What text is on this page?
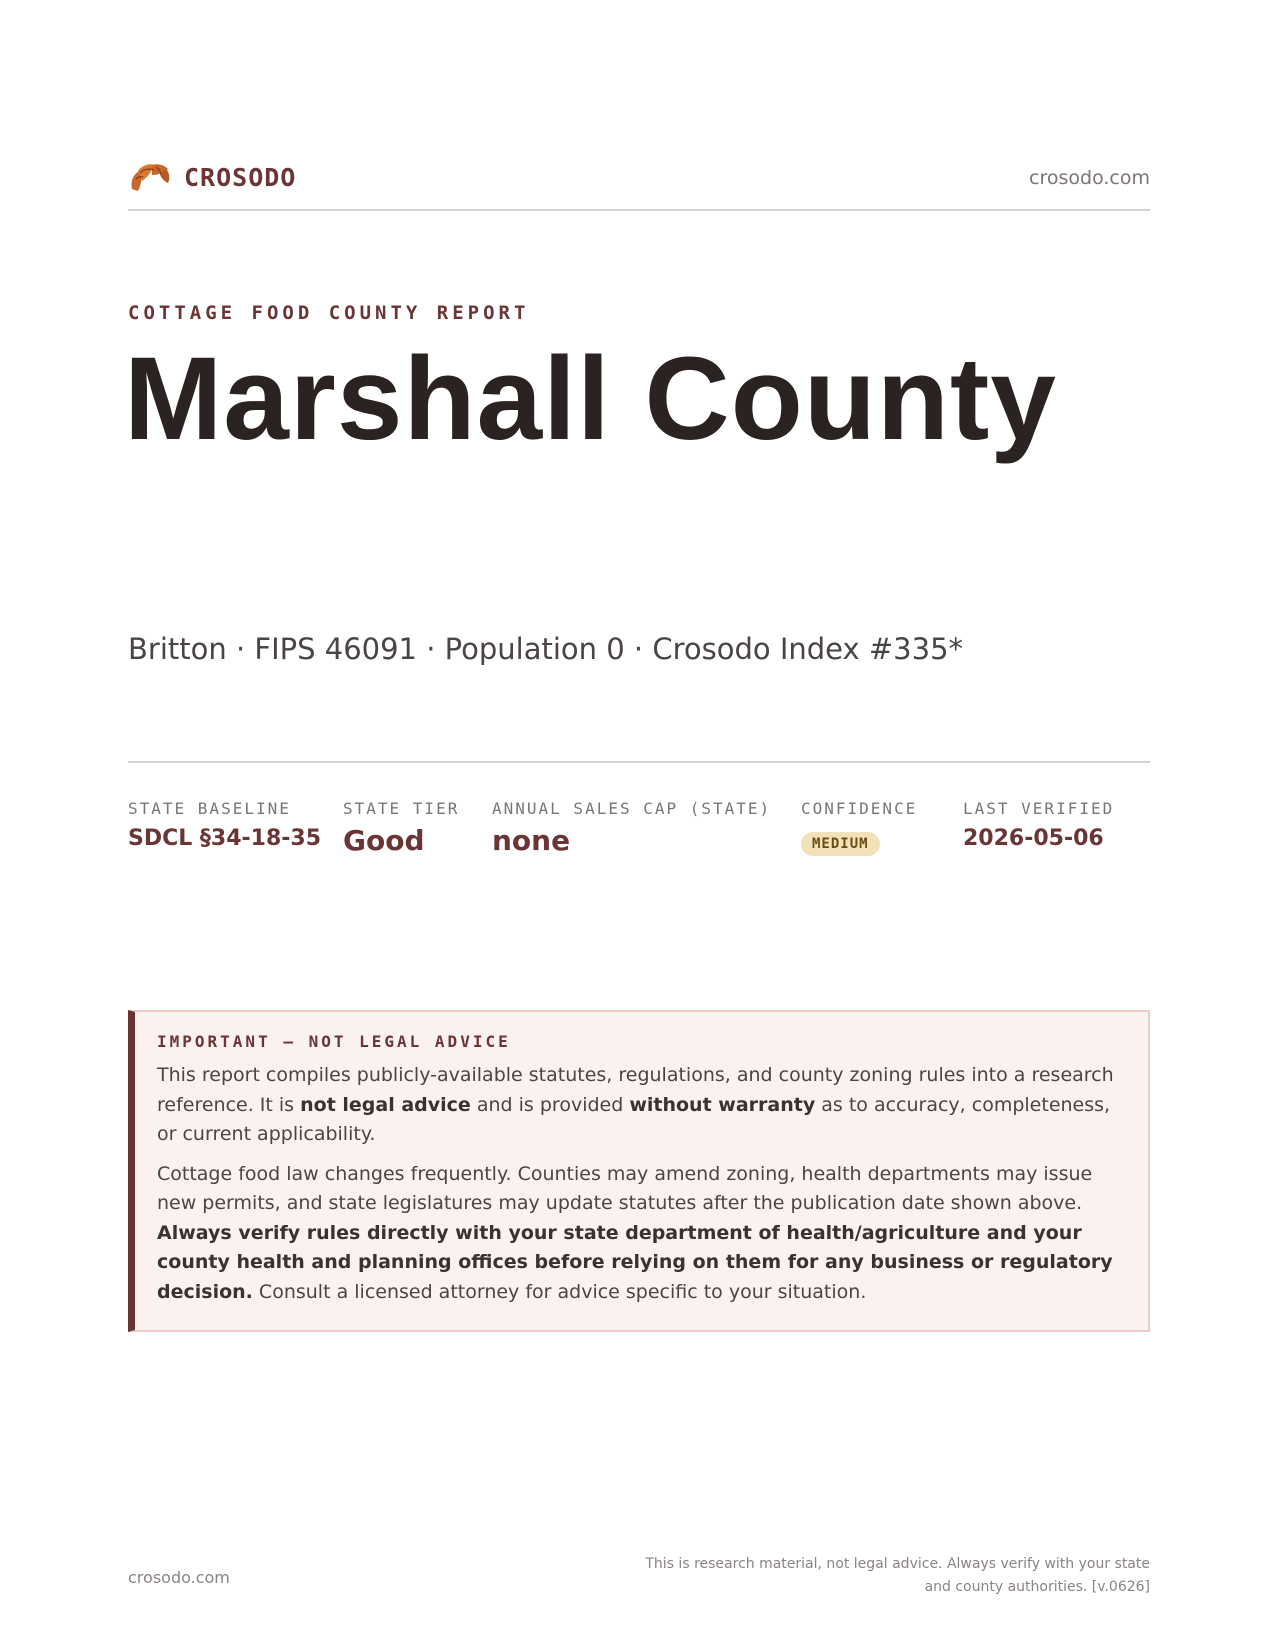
CROSODO	crosodo.com
COTTAGE FOOD COUNTY REPORT
Marshall County
Britton · FIPS 46091 · Population 0 · Crosodo Index #335*
STATE BASELINE
SDCL §34-18-35
STATE TIER
Good
ANNUAL SALES CAP (STATE)
none
CONFIDENCE
MEDIUM
LAST VERIFIED
2026-05-06
IMPORTANT — NOT LEGAL ADVICE

This report compiles publicly-available statutes, regulations, and county zoning rules into a research reference. It is not legal advice and is provided without warranty as to accuracy, completeness, or current applicability.

Cottage food law changes frequently. Counties may amend zoning, health departments may issue new permits, and state legislatures may update statutes after the publication date shown above. Always verify rules directly with your state department of health/agriculture and your county health and planning offices before relying on them for any business or regulatory decision. Consult a licensed attorney for advice specific to your situation.

crosodo.com
This is research material, not legal advice. Always verify with your state
and county authorities. [v.0626]
